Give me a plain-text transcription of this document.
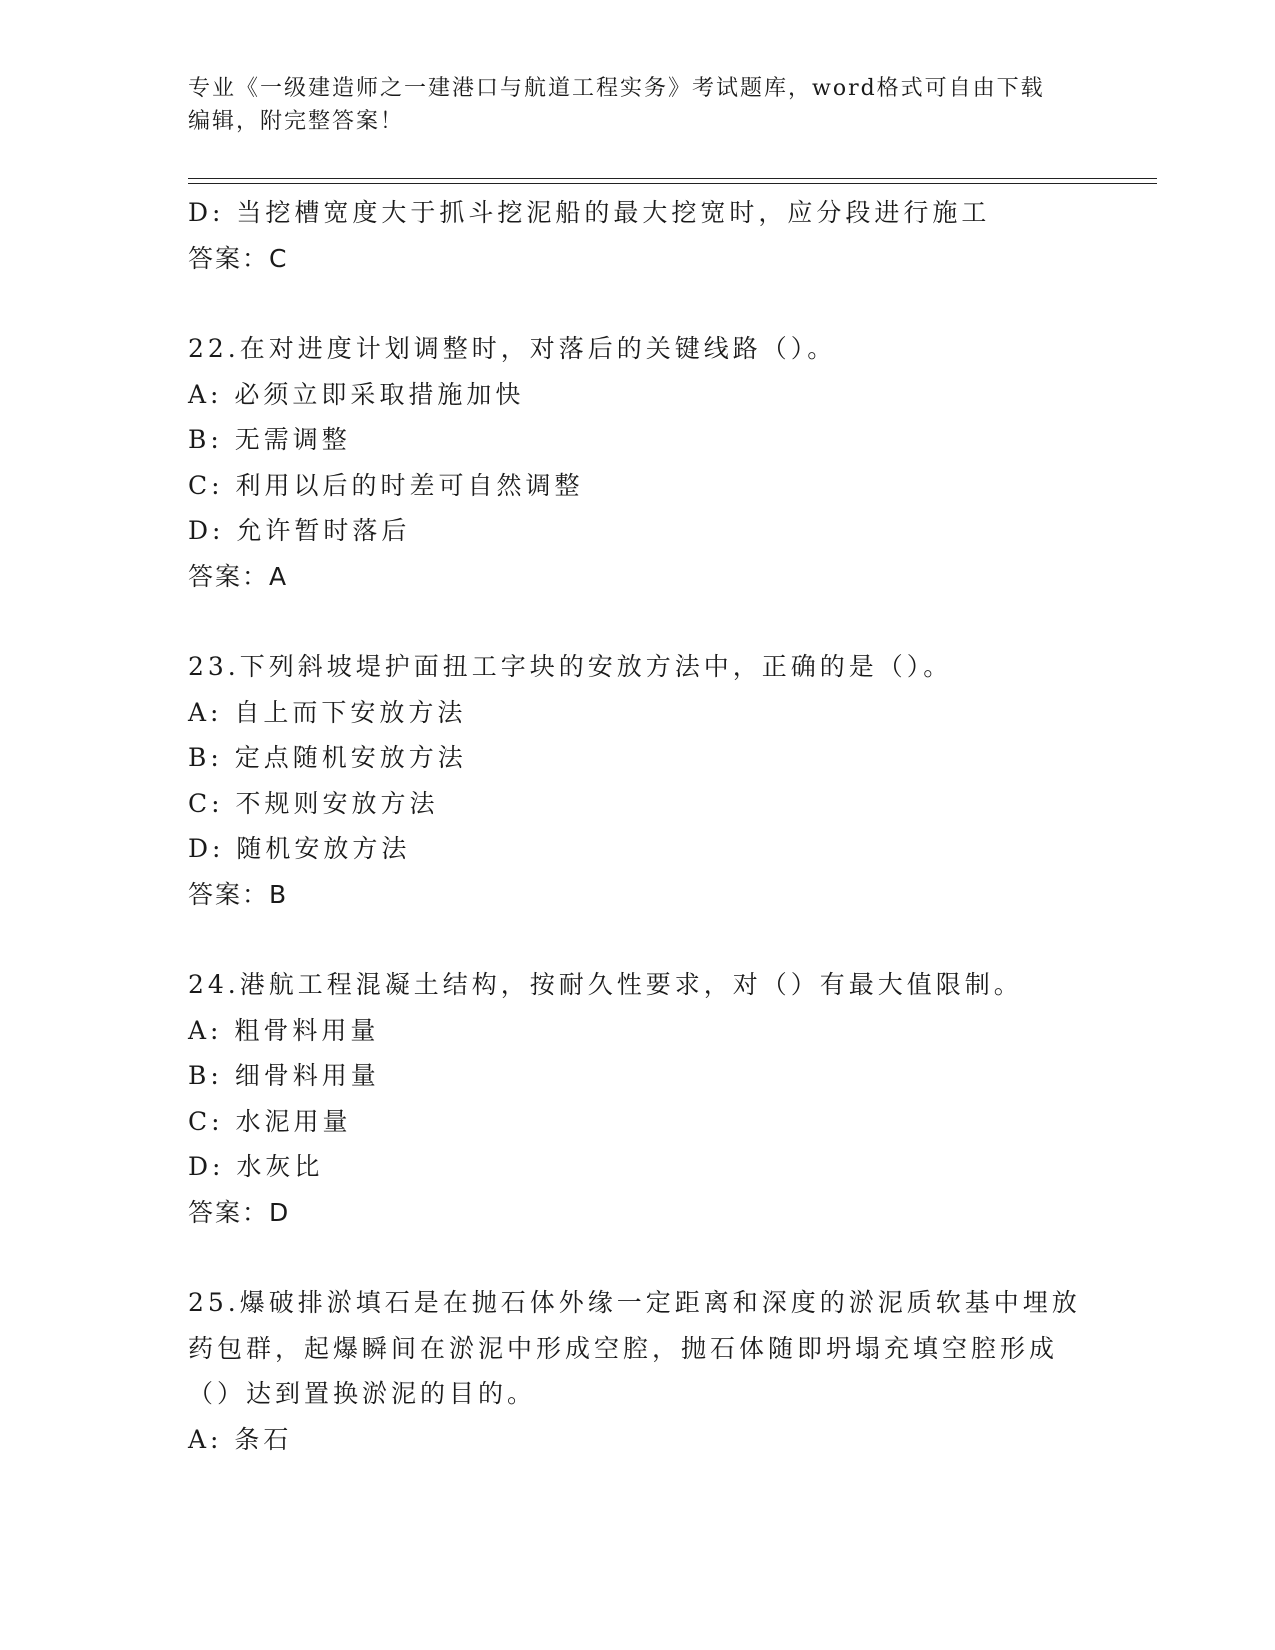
专业《一级建造师之一建港口与航道工程实务》考试题库，word格式可自由下载
编辑，附完整答案！
D: 当挖槽宽度大于抓斗挖泥船的最大挖宽时，应分段进行施工
答案：C
22.在对进度计划调整时，对落后的关键线路（）。
A: 必须立即采取措施加快
B: 无需调整
C: 利用以后的时差可自然调整
D: 允许暂时落后
答案：A
23.下列斜坡堤护面扭工字块的安放方法中，正确的是（）。
A: 自上而下安放方法
B: 定点随机安放方法
C: 不规则安放方法
D: 随机安放方法
答案：B
24.港航工程混凝土结构，按耐久性要求，对（）有最大值限制。
A: 粗骨料用量
B: 细骨料用量
C: 水泥用量
D: 水灰比
答案：D
25.爆破排淤填石是在抛石体外缘一定距离和深度的淤泥质软基中埋放
药包群，起爆瞬间在淤泥中形成空腔，抛石体随即坍塌充填空腔形成
（）达到置换淤泥的目的。
A: 条石
